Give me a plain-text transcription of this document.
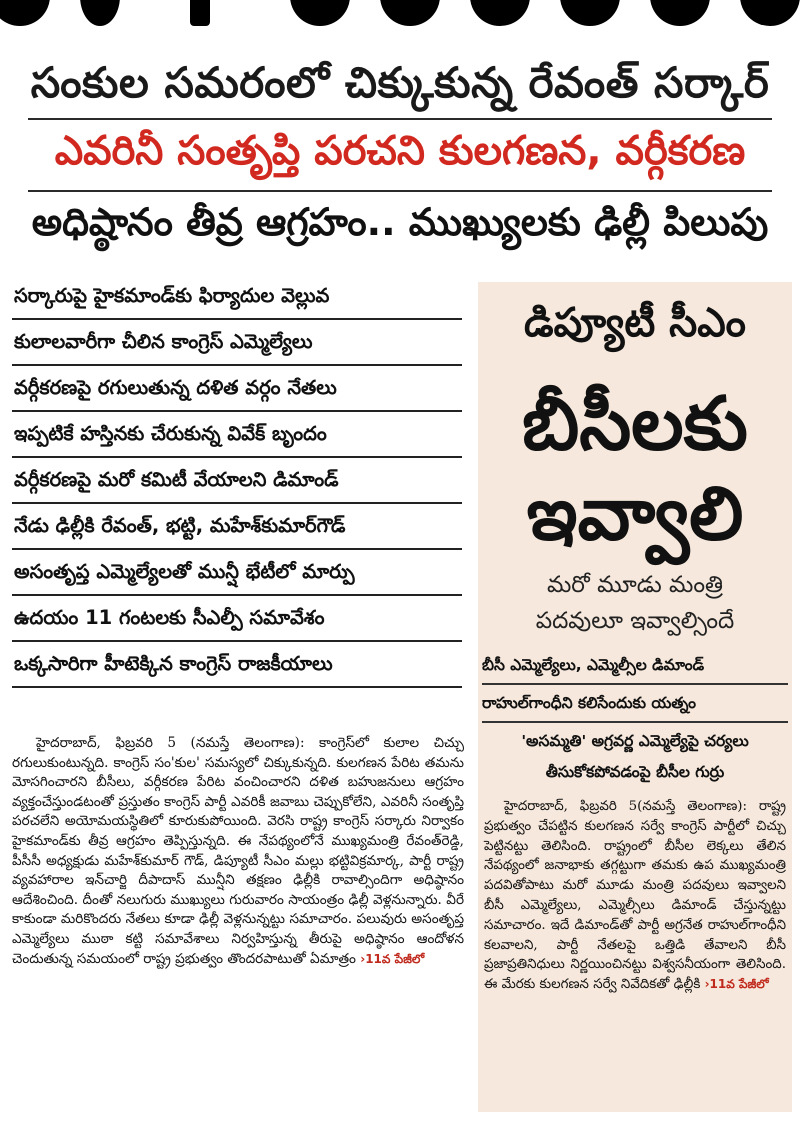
సంకుల సమరంలో చిక్కుకున్న రేవంత్ సర్కార్
ఎవరినీ సంతృప్తి పరచని కులగణన, వర్గీకరణ
అధిష్ఠానం తీవ్ర ఆగ్రహం.. ముఖ్యులకు ఢిల్లీ పిలుపు
సర్కారుపై హైకమాండ్‌కు ఫిర్యాదుల వెల్లువ
కులాలవారీగా చీలిన కాంగ్రెస్ ఎమ్మెల్యేలు
వర్గీకరణపై రగులుతున్న దళిత వర్గం నేతలు
ఇప్పటికే హస్తినకు చేరుకున్న వివేక్ బృందం
వర్గీకరణపై మరో కమిటీ వేయాలని డిమాండ్
నేడు ఢిల్లీకి రేవంత్, భట్టి, మహేశ్‌కుమార్‌గౌడ్
అసంతృప్త ఎమ్మెల్యేలతో మున్షీ భేటీలో మార్పు
ఉదయం 11 గంటలకు సీఎల్పీ సమావేశం
ఒక్కసారిగా హీటెక్కిన కాంగ్రెస్ రాజకీయాలు

హైదరాబాద్, ఫిబ్రవరి 5 (నమస్తే తెలంగాణ): కాంగ్రెస్‌లో కులాల చిచ్చు రగులుకుంటున్నది. కాంగ్రెస్ సం'కుల' సమస్యలో చిక్కుకున్నది. కులగణన పేరిట తమను మోసగించారని బీసీలు, వర్గీకరణ పేరిట వంచించారని దళిత బహుజనులు ఆగ్రహం వ్యక్తంచేస్తుండటంతో ప్రస్తుతం కాంగ్రెస్ పార్టీ ఎవరికీ జవాబు చెప్పుకోలేని, ఎవరినీ సంతృప్తి పరచలేని అయోమయస్థితిలో కూరుకుపోయింది. వెరసి రాష్ట్ర కాంగ్రెస్ సర్కారు నిర్వాకం హైకమాండ్‌కు తీవ్ర ఆగ్రహం తెప్పిస్తున్నది. ఈ నేపథ్యంలోనే ముఖ్యమంత్రి రేవంత్‌రెడ్డి, పీసీసీ అధ్యక్షుడు మహేశ్‌కుమార్ గౌడ్, డిప్యూటీ సీఎం మల్లు భట్టివిక్రమార్క, పార్టీ రాష్ట్ర వ్యవహారాల ఇన్‌చార్జి దీపాదాస్ మున్షీని తక్షణం ఢిల్లీకి రావాల్సిందిగా అధిష్ఠానం ఆదేశించింది. దీంతో నలుగురు ముఖ్యులు గురువారం సాయంత్రం ఢిల్లీ వెళ్లనున్నారు. వీరే కాకుండా మరికొందరు నేతలు కూడా ఢిల్లీ వెళ్లనున్నట్టు సమాచారం. పలువురు అసంతృప్త ఎమ్మెల్యేలు ముఠా కట్టి సమావేశాలు నిర్వహిస్తున్న తీరుపై అధిష్ఠానం ఆందోళన చెందుతున్న సమయంలో రాష్ట్ర ప్రభుత్వం తొందరపాటుతో ఏమాత్రం ›11వ పేజీలో

డిప్యూటీ సీఎం
బీసీలకు
ఇవ్వాలి
మరో మూడు మంత్రి
పదవులూ ఇవ్వాల్సిందే
బీసీ ఎమ్మెల్యేలు, ఎమ్మెల్సీల డిమాండ్
రాహుల్‌గాంధీని కలిసేందుకు యత్నం
'అసమ్మతి' అగ్రవర్ణ ఎమ్మెల్యేపై చర్యలు
తీసుకోకపోవడంపై బీసీల గుర్రు

హైదరాబాద్, ఫిబ్రవరి 5(నమస్తే తెలంగాణ): రాష్ట్ర ప్రభుత్వం చేపట్టిన కులగణన సర్వే కాంగ్రెస్ పార్టీలో చిచ్చు పెట్టినట్టు తెలిసింది. రాష్ట్రంలో బీసీల లెక్కలు తేలిన నేపథ్యంలో జనాభాకు తగ్గట్టుగా తమకు ఉప ముఖ్యమంత్రి పదవితోపాటు మరో మూడు మంత్రి పదవులు ఇవ్వాలని బీసీ ఎమ్మెల్యేలు, ఎమ్మెల్సీలు డిమాండ్ చేస్తున్నట్టు సమాచారం. ఇదే డిమాండ్‌తో పార్టీ అగ్రనేత రాహుల్‌గాంధీని కలవాలని, పార్టీ నేతలపై ఒత్తిడి తేవాలని బీసీ ప్రజాప్రతినిధులు నిర్ణయించినట్టు విశ్వసనీయంగా తెలిసింది. ఈ మేరకు కులగణన సర్వే నివేదికతో ఢిల్లీకి ›11వ పేజీలో
